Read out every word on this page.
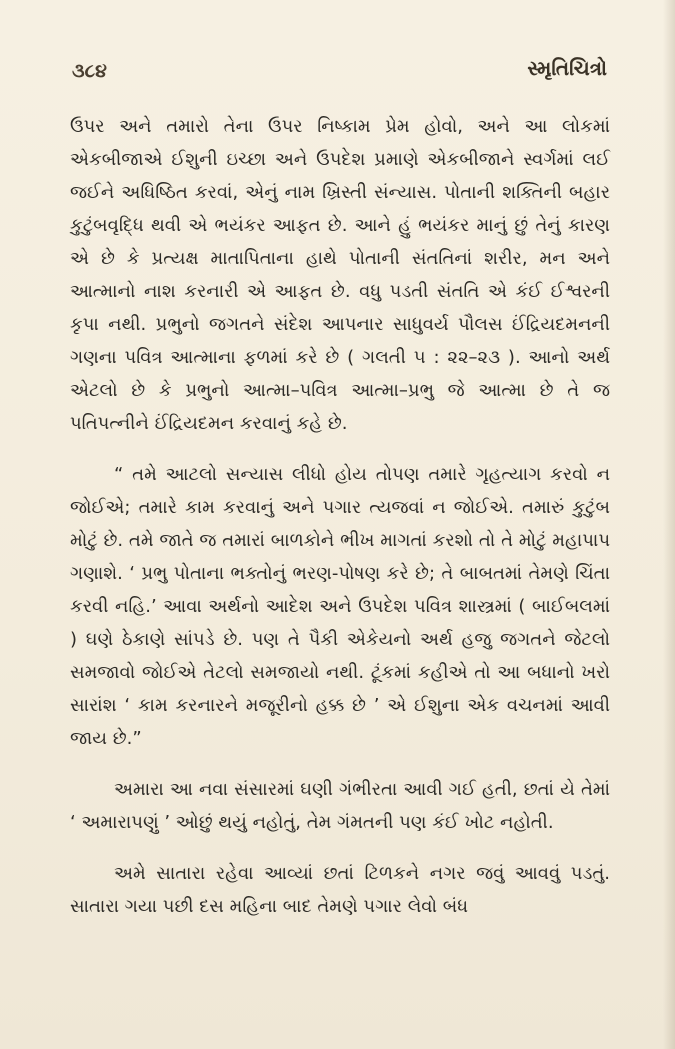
૩૮૪	સ્મૃતિચિત્રો

ઉપર અને તમારો તેના ઉપર નિષ્કામ પ્રેમ હોવો, અને આ લોકમાં એકબીજાએ ઈશુની ઇચ્છા અને ઉપદેશ પ્રમાણે એકબીજાને સ્વર્ગમાં લઈ જઈને અધિષ્ઠિત કરવાં, એનું નામ ખ્રિસ્તી સંન્યાસ. પોતાની શક્તિની બહાર કુટુંબવૃદ્ધિ થવી એ ભયંકર આફત છે. આને હું ભયંકર માનું છું તેનું કારણ એ છે કે પ્રત્યક્ષ માતાપિતાના હાથે પોતાની સંતતિનાં શરીર, મન અને આત્માનો નાશ કરનારી એ આફત છે. વધુ પડતી સંતતિ એ કંઈ ઈશ્વરની કૃપા નથી. પ્રભુનો જગતને સંદેશ આપનાર સાધુવર્ય પૌલસ ઈંદ્રિયદમનની ગણના પવિત્ર આત્માના ફળમાં કરે છે ( ગલતી ૫ : ૨૨–૨૩ ). આનો અર્થ એટલો છે કે પ્રભુનો આત્મા–પવિત્ર આત્મા–પ્રભુ જે આત્મા છે તે જ પતિપત્નીને ઈંદ્રિયદમન કરવાનું કહે છે.

“ તમે આટલો સન્યાસ લીધો હોય તોપણ તમારે ગૃહત્યાગ કરવો ન જોઈએ; તમારે કામ કરવાનું અને પગાર ત્યજવાં ન જોઈએ. તમારું કુટુંબ મોટું છે. તમે જાતે જ તમારાં બાળકોને ભીખ માગતાં કરશો તો તે મોટું મહાપાપ ગણાશે. ‘ પ્રભુ પોતાના ભક્તોનું ભરણ-પોષણ કરે છે; તે બાબતમાં તેમણે ચિંતા કરવી નહિ.’ આવા અર્થનો આદેશ અને ઉપદેશ પવિત્ર શાસ્ત્રમાં ( બાઈબલમાં ) ઘણે ઠેકાણે સાંપડે છે. પણ તે પૈકી એકેયનો અર્થ હજુ જગતને જેટલો સમજાવો જોઈએ તેટલો સમજાયો નથી. ટૂંકમાં કહીએ તો આ બધાનો ખરો સારાંશ ‘ કામ કરનારને મજૂરીનો હક્ક છે ’ એ ઈશુના એક વચનમાં આવી જાય છે.”

અમારા આ નવા સંસારમાં ઘણી ગંભીરતા આવી ગઈ હતી, છતાં યે તેમાં ‘ અમારાપણું ’ ઓછું થયું નહોતું, તેમ ગંમતની પણ કંઈ ખોટ નહોતી.

અમે સાતારા રહેવા આવ્યાં છતાં ટિળકને નગર જવું આવવું પડતું. સાતારા ગયા પછી દસ મહિના બાદ તેમણે પગાર લેવો બંધ
